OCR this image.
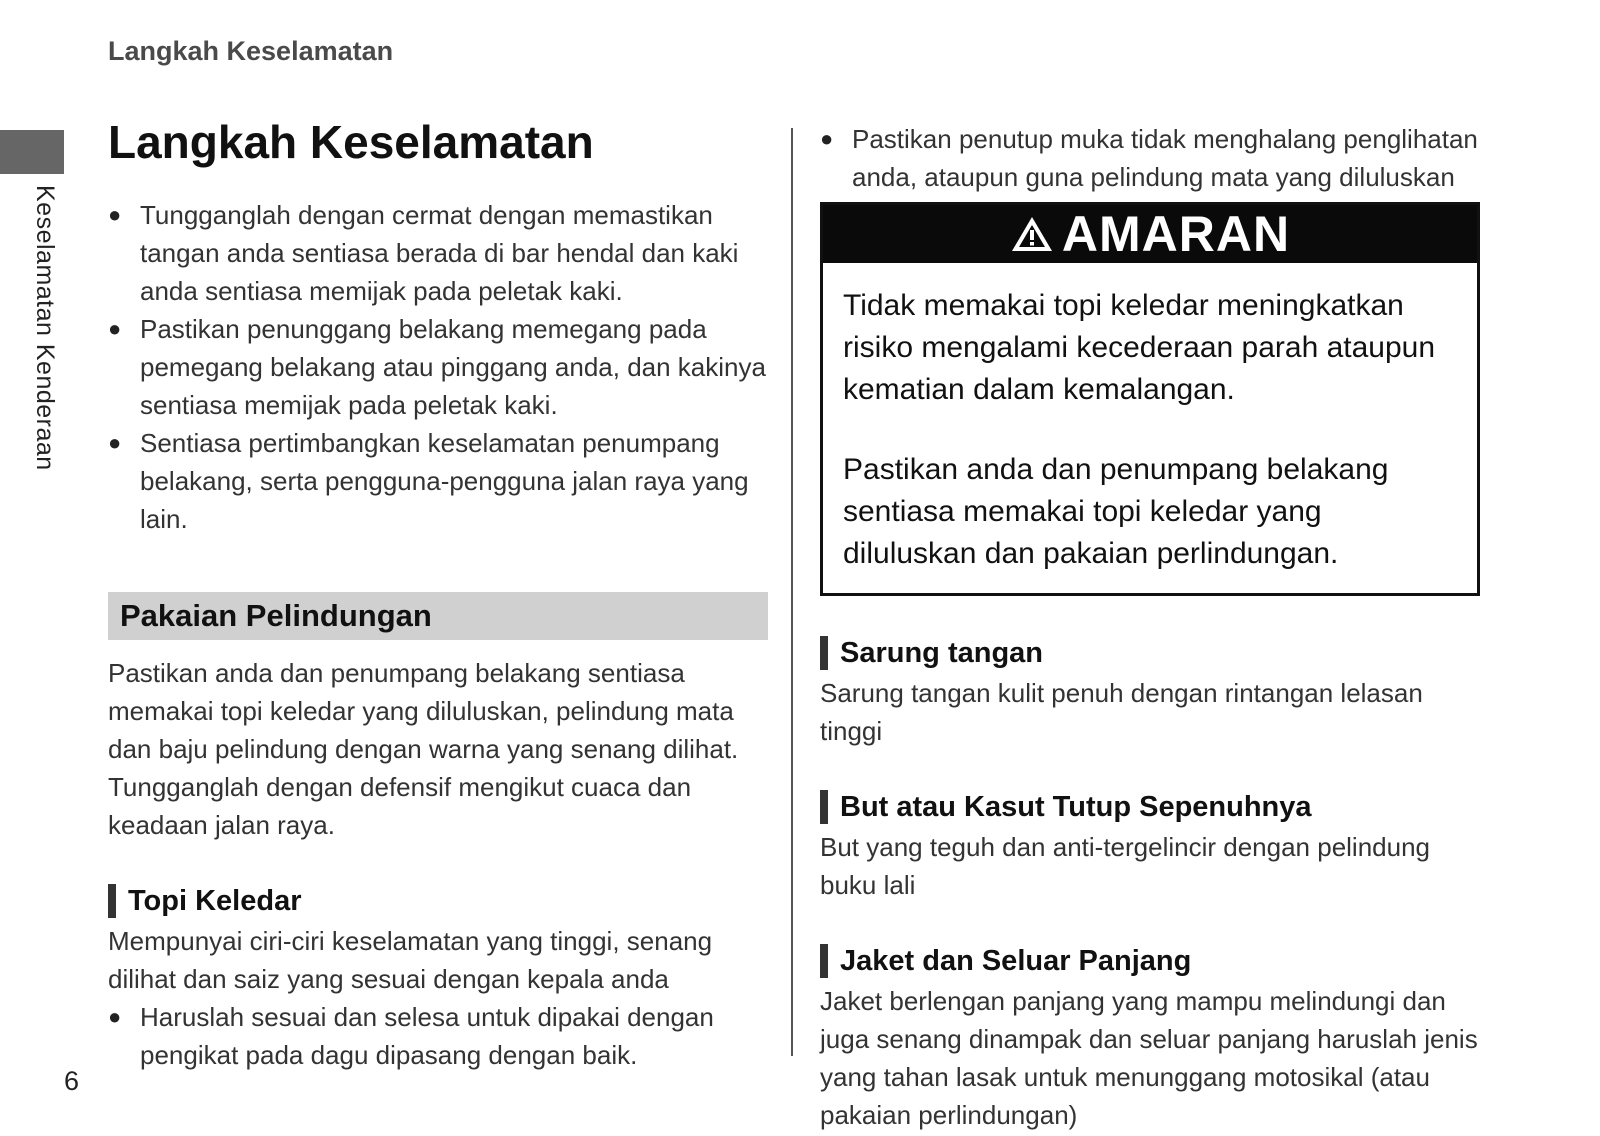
Langkah Keselamatan
Keselamatan Kenderaan
Langkah Keselamatan
● Tungganglah dengan cermat dengan memastikan tangan anda sentiasa berada di bar hendal dan kaki anda sentiasa memijak pada peletak kaki.
● Pastikan penunggang belakang memegang pada pemegang belakang atau pinggang anda, dan kakinya sentiasa memijak pada peletak kaki.
● Sentiasa pertimbangkan keselamatan penumpang belakang, serta pengguna-pengguna jalan raya yang lain.
Pakaian Pelindungan

Pastikan anda dan penumpang belakang sentiasa memakai topi keledar yang diluluskan, pelindung mata dan baju pelindung dengan warna yang senang dilihat. Tungganglah dengan defensif mengikut cuaca dan keadaan jalan raya.

Topi Keledar

Mempunyai ciri-ciri keselamatan yang tinggi, senang dilihat dan saiz yang sesuai dengan kepala anda

● Haruslah sesuai dan selesa untuk dipakai dengan pengikat pada dagu dipasang dengan baik.
● Pastikan penutup muka tidak menghalang penglihatan anda, ataupun guna pelindung mata yang diluluskan
AMARAN

Tidak memakai topi keledar meningkatkan risiko mengalami kecederaan parah ataupun kematian dalam kemalangan.

Pastikan anda dan penumpang belakang sentiasa memakai topi keledar yang diluluskan dan pakaian perlindungan.

Sarung tangan

Sarung tangan kulit penuh dengan rintangan lelasan tinggi

But atau Kasut Tutup Sepenuhnya

But yang teguh dan anti-tergelincir dengan pelindung buku lali

Jaket dan Seluar Panjang

Jaket berlengan panjang yang mampu melindungi dan juga senang dinampak dan seluar panjang haruslah jenis yang tahan lasak untuk menunggang motosikal (atau pakaian perlindungan)

6
